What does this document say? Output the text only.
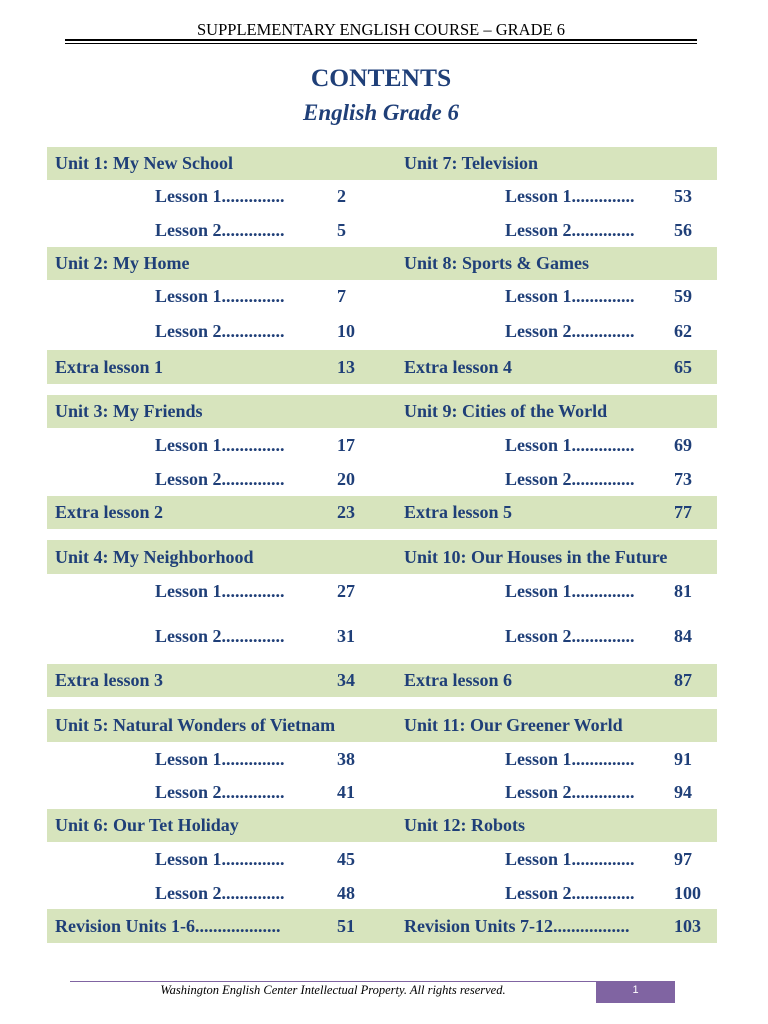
SUPPLEMENTARY ENGLISH COURSE – GRADE 6
CONTENTS
English Grade 6
Unit 1: My New School	Unit 7: Television
Lesson 1..............	2	Lesson 1.............. 53
Lesson 2..............	5	Lesson 2.............. 56
Unit 2: My Home	Unit 8: Sports & Games
Lesson 1..............	7	Lesson 1.............. 59
Lesson 2..............	10	Lesson 2.............. 62
Extra lesson 1	13	Extra lesson 4	65
Unit 3: My Friends	Unit 9: Cities of the World
Lesson 1..............	17	Lesson 1.............. 69
Lesson 2..............	20	Lesson 2.............. 73
Extra lesson 2	23	Extra lesson 5	77
Unit 4: My Neighborhood	Unit 10: Our Houses in the Future
Lesson 1..............	27	Lesson 1.............. 81
Lesson 2..............	31	Lesson 2.............. 84
Extra lesson 3	34	Extra lesson 6	87
Unit 5: Natural Wonders of Vietnam	Unit 11: Our Greener World
Lesson 1..............	38	Lesson 1.............. 91
Lesson 2..............	41	Lesson 2.............. 94
Unit 6: Our Tet Holiday	Unit 12: Robots
Lesson 1..............	45	Lesson 1.............. 97
Lesson 2..............	48	Lesson 2.............. 100
Revision Units 1-6...................	51	Revision Units 7-12................. 103
Washington English Center Intellectual Property. All rights reserved.	1
